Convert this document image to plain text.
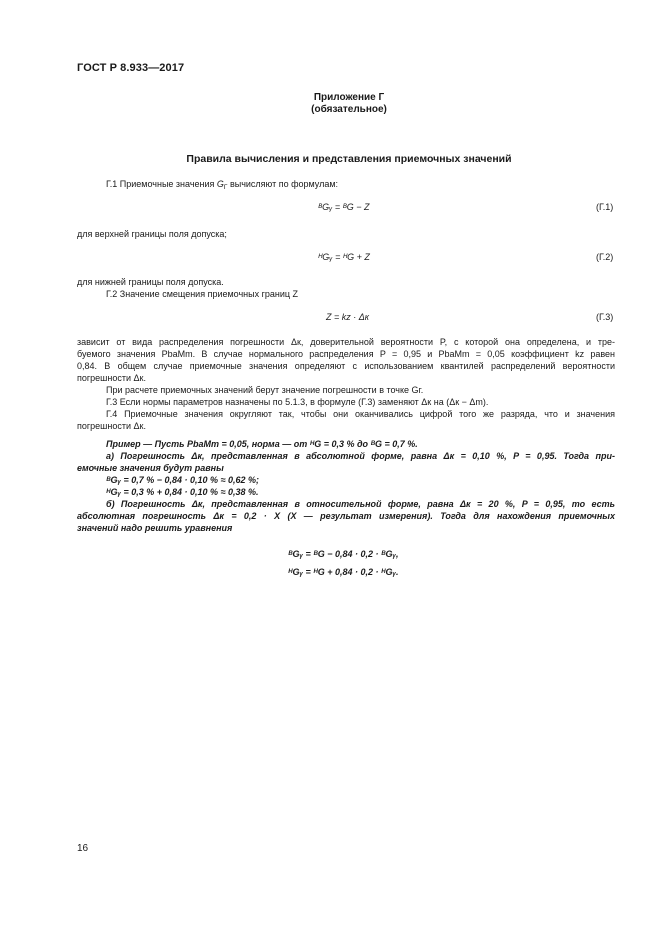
ГОСТ Р 8.933—2017
Приложение Г
(обязательное)
Правила вычисления и представления приемочных значений
Г.1 Приемочные значения $G_Г$ вычисляют по формулам:
ᴮGᵧ = ᴮG − Z	(Г.1)
для верхней границы поля допуска;
ᴴGᵧ = ᴴG + Z	(Г.2)
для нижней границы поля допуска.
Г.2 Значение смещения приемочных границ Z
Z = kz · Δк	(Г.3)
зависит от вида распределения погрешности Δк, доверительной вероятности P, с которой она определена, и тре-
буемого значения PbaMm. В случае нормального распределения P = 0,95 и PbaMm = 0,05 коэффициент kz равен
0,84. В общем случае приемочные значения определяют с использованием квантилей распределений вероятности
погрешности Δк.
При расчете приемочных значений берут значение погрешности в точке Gг.
Г.3 Если нормы параметров назначены по 5.1.3, в формуле (Г.3) заменяют Δк на (Δк − Δm).
Г.4 Приемочные значения округляют так, чтобы они оканчивались цифрой того же разряда, что и значения
погрешности Δк.
Пример — Пусть PbaMm = 0,05, норма — от ᴴG = 0,3 % до ᴮG = 0,7 %.
а) Погрешность Δк, представленная в абсолютной форме, равна Δк = 0,10 %, P = 0,95. Тогда при-
емочные значения будут равны
ᴮGᵧ = 0,7 % − 0,84 · 0,10 % ≈ 0,62 %;
ᴴGᵧ = 0,3 % + 0,84 · 0,10 % ≈ 0,38 %.
б) Погрешность Δк, представленная в относительной форме, равна Δк = 20 %, P = 0,95, то есть
абсолютная погрешность Δк = 0,2 · X (X — результат измерения). Тогда для нахождения приемочных
значений надо решить уравнения
ᴮGᵧ = ᴮG − 0,84 · 0,2 · ᴮGᵧ,
ᴴGᵧ = ᴴG + 0,84 · 0,2 · ᴴGᵧ.
16
